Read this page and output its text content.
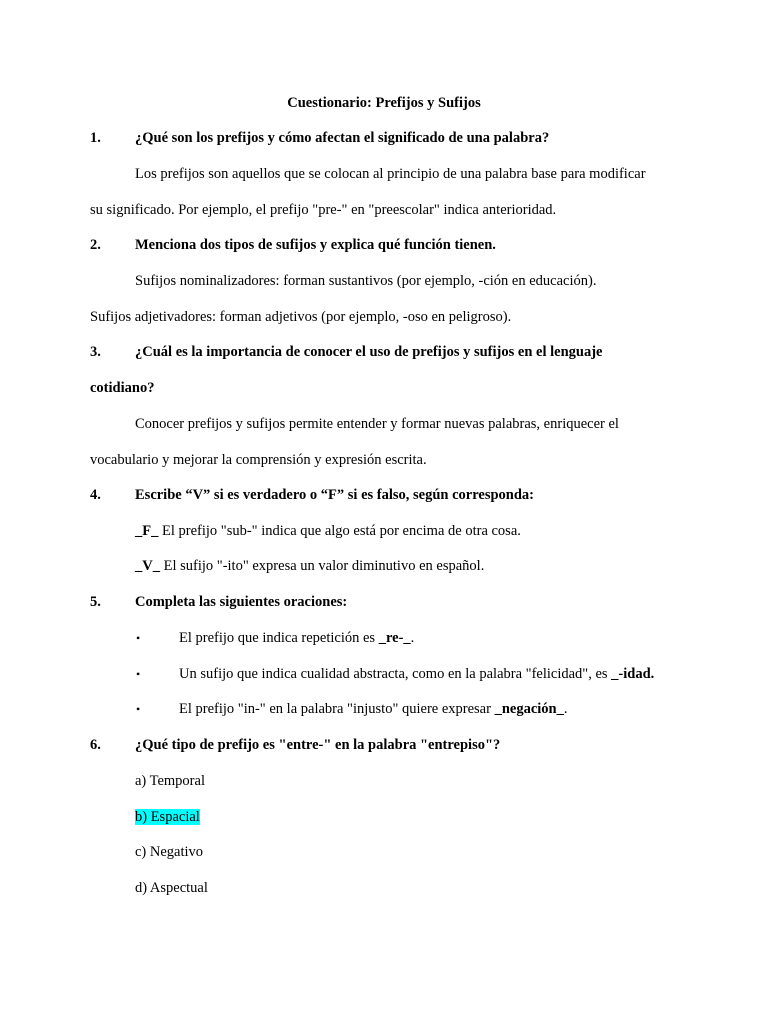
Cuestionario: Prefijos y Sufijos
1. ¿Qué son los prefijos y cómo afectan el significado de una palabra?
Los prefijos son aquellos que se colocan al principio de una palabra base para modificar
su significado. Por ejemplo, el prefijo "pre-" en "preescolar" indica anterioridad.
2. Menciona dos tipos de sufijos y explica qué función tienen.
Sufijos nominalizadores: forman sustantivos (por ejemplo, -ción en educación).
Sufijos adjetivadores: forman adjetivos (por ejemplo, -oso en peligroso).
3. ¿Cuál es la importancia de conocer el uso de prefijos y sufijos en el lenguaje
cotidiano?
Conocer prefijos y sufijos permite entender y formar nuevas palabras, enriquecer el
vocabulario y mejorar la comprensión y expresión escrita.
4. Escribe “V” si es verdadero o “F” si es falso, según corresponda:
_F_ El prefijo "sub-" indica que algo está por encima de otra cosa.
_V_ El sufijo "-ito" expresa un valor diminutivo en español.
5. Completa las siguientes oraciones:
•	El prefijo que indica repetición es _re-_.
•	Un sufijo que indica cualidad abstracta, como en la palabra "felicidad", es _-idad.
•	El prefijo "in-" en la palabra "injusto" quiere expresar _negación_.
6. ¿Qué tipo de prefijo es "entre-" en la palabra "entrepiso"?
a) Temporal
b) Espacial
c) Negativo
d) Aspectual
